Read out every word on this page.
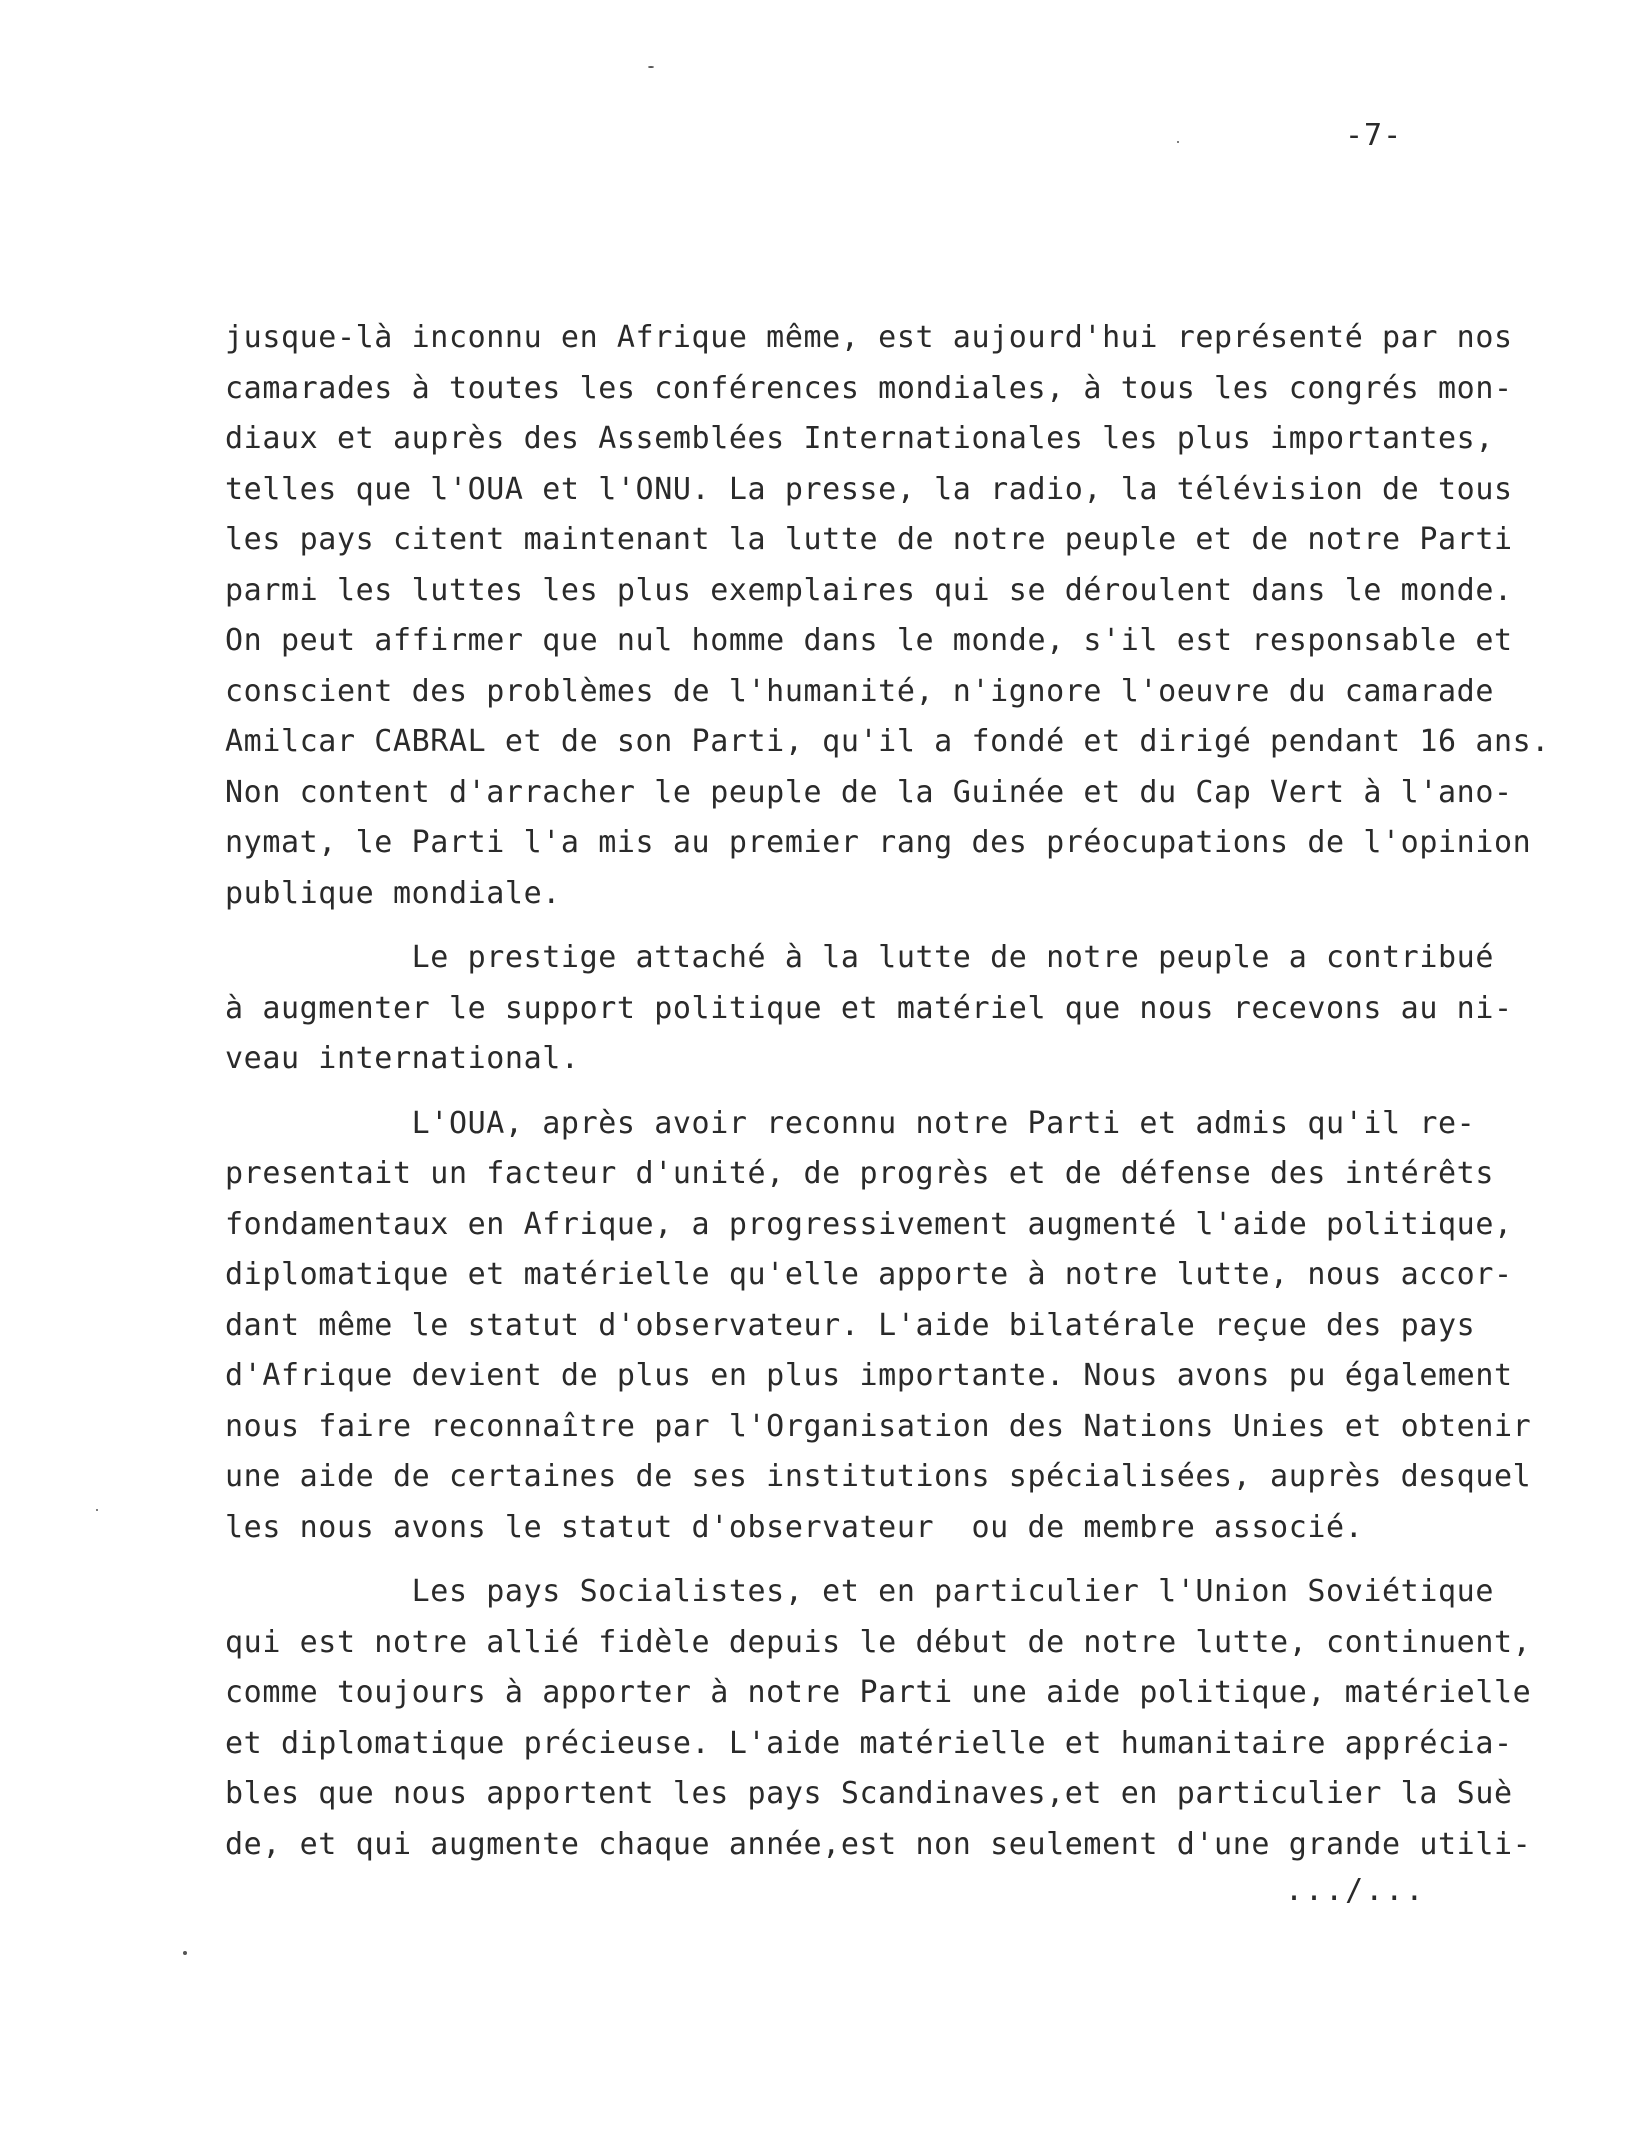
-7-
jusque-là inconnu en Afrique même, est aujourd'hui représenté par nos
camarades à toutes les conférences mondiales, à tous les congrés mon-
diaux et auprès des Assemblées Internationales les plus importantes,
telles que l'OUA et l'ONU. La presse, la radio, la télévision de tous
les pays citent maintenant la lutte de notre peuple et de notre Parti
parmi les luttes les plus exemplaires qui se déroulent dans le monde.
On peut affirmer que nul homme dans le monde, s'il est responsable et
conscient des problèmes de l'humanité, n'ignore l'oeuvre du camarade
Amilcar CABRAL et de son Parti, qu'il a fondé et dirigé pendant 16 ans.
Non content d'arracher le peuple de la Guinée et du Cap Vert à l'ano-
nymat, le Parti l'a mis au premier rang des préocupations de l'opinion
publique mondiale.
Le prestige attaché à la lutte de notre peuple a contribué
à augmenter le support politique et matériel que nous recevons au ni-
veau international.
L'OUA, après avoir reconnu notre Parti et admis qu'il re-
presentait un facteur d'unité, de progrès et de défense des intérêts
fondamentaux en Afrique, a progressivement augmenté l'aide politique,
diplomatique et matérielle qu'elle apporte à notre lutte, nous accor-
dant même le statut d'observateur. L'aide bilatérale reçue des pays
d'Afrique devient de plus en plus importante. Nous avons pu également
nous faire reconnaître par l'Organisation des Nations Unies et obtenir
une aide de certaines de ses institutions spécialisées, auprès desquel
les nous avons le statut d'observateur  ou de membre associé.
Les pays Socialistes, et en particulier l'Union Soviétique
qui est notre allié fidèle depuis le début de notre lutte, continuent,
comme toujours à apporter à notre Parti une aide politique, matérielle
et diplomatique précieuse. L'aide matérielle et humanitaire apprécia-
bles que nous apportent les pays Scandinaves,et en particulier la Suè
de, et qui augmente chaque année,est non seulement d'une grande utili-
.../...
